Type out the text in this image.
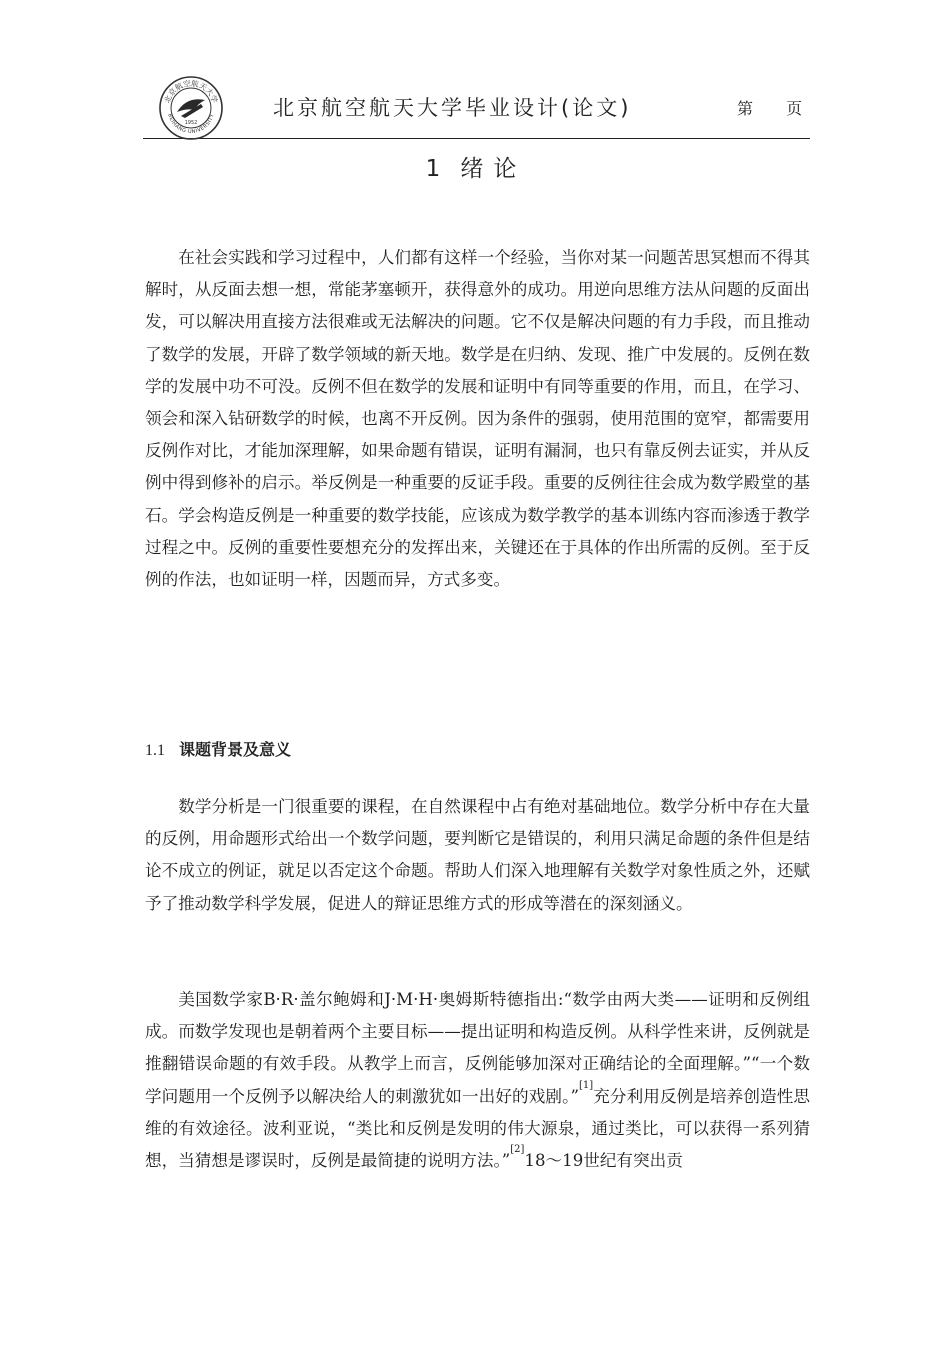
北京航空航天大学
BEIHANG UNIVERSITY
1952
北京航空航天大学毕业设计(论文)	第 页
1 绪论

在社会实践和学习过程中，人们都有这样一个经验，当你对某一问题苦思冥想而不得其解时，从反面去想一想，常能茅塞顿开，获得意外的成功。用逆向思维方法从问题的反面出发，可以解决用直接方法很难或无法解决的问题。它不仅是解决问题的有力手段，而且推动了数学的发展，开辟了数学领域的新天地。数学是在归纳、发现、推广中发展的。反例在数学的发展中功不可没。反例不但在数学的发展和证明中有同等重要的作用，而且，在学习、领会和深入钻研数学的时候，也离不开反例。因为条件的强弱，使用范围的宽窄，都需要用反例作对比，才能加深理解，如果命题有错误，证明有漏洞，也只有靠反例去证实，并从反例中得到修补的启示。举反例是一种重要的反证手段。重要的反例往往会成为数学殿堂的基石。学会构造反例是一种重要的数学技能，应该成为数学教学的基本训练内容而渗透于教学过程之中。反例的重要性要想充分的发挥出来，关键还在于具体的作出所需的反例。至于反例的作法，也如证明一样，因题而异，方式多变。

1.1 课题背景及意义

数学分析是一门很重要的课程，在自然课程中占有绝对基础地位。数学分析中存在大量的反例，用命题形式给出一个数学问题，要判断它是错误的，利用只满足命题的条件但是结论不成立的例证，就足以否定这个命题。帮助人们深入地理解有关数学对象性质之外，还赋予了推动数学科学发展，促进人的辩证思维方式的形成等潜在的深刻涵义。

美国数学家B·R·盖尔鲍姆和J·M·H·奥姆斯特德指出:“数学由两大类——证明和反例组成。而数学发现也是朝着两个主要目标——提出证明和构造反例。从科学性来讲，反例就是推翻错误命题的有效手段。从教学上而言，反例能够加深对正确结论的全面理解。”“一个数学问题用一个反例予以解决给人的刺激犹如一出好的戏剧。”[1]充分利用反例是培养创造性思维的有效途径。波利亚说，“类比和反例是发明的伟大源泉，通过类比，可以获得一系列猜想，当猜想是谬误时，反例是最简捷的说明方法。”[2]18～19世纪有突出贡
